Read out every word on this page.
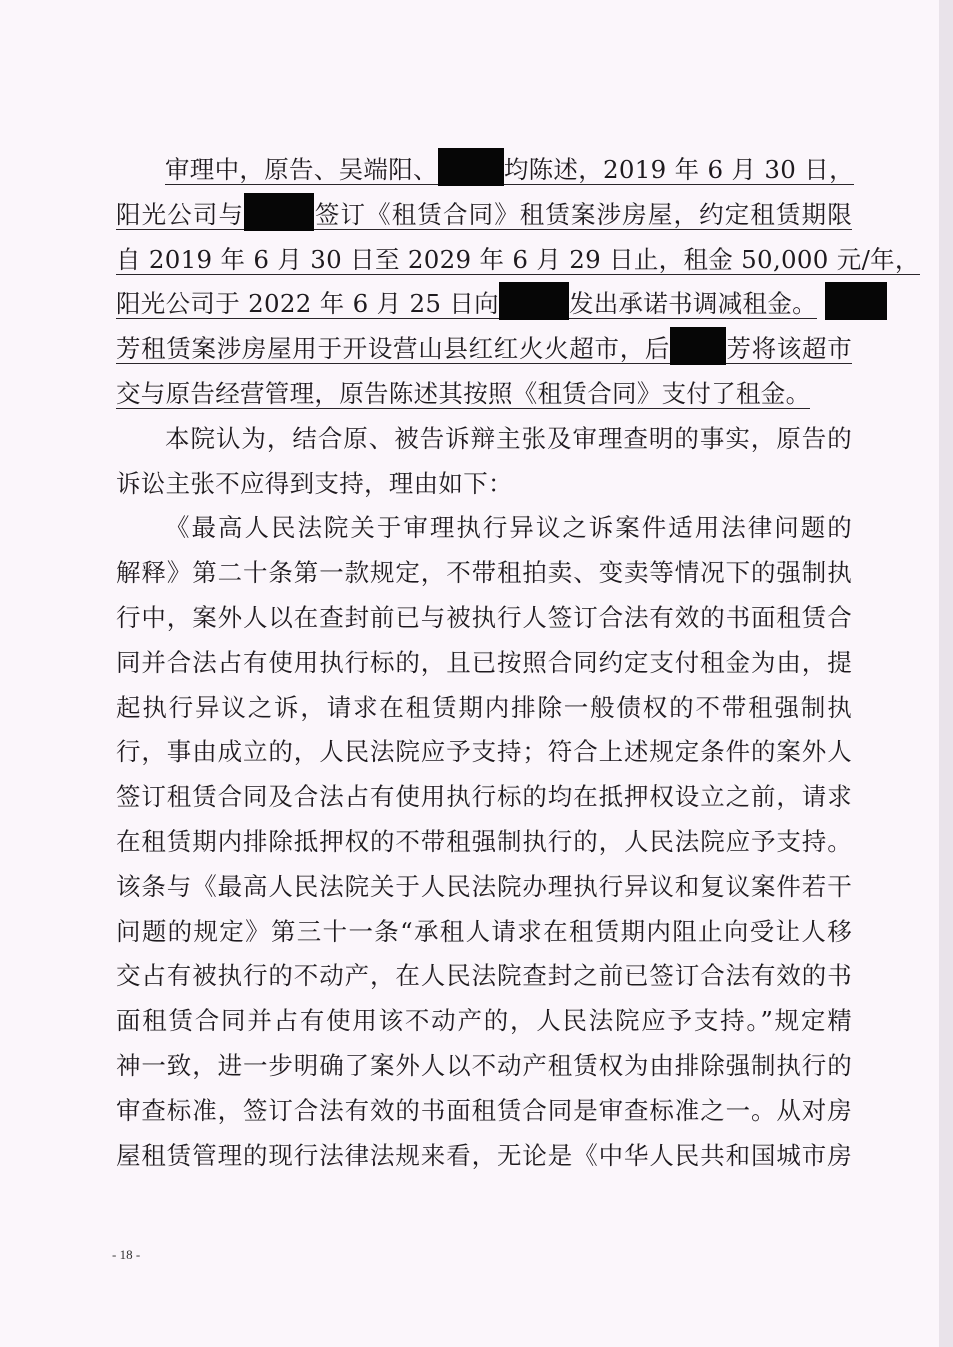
审理中，原告、吴端阳、	均陈述，2019 年 6 月 30 日，
阳光公司与	签订《租赁合同》租赁案涉房屋，约定租赁期限
自 2019 年 6 月 30 日至 2029 年 6 月 29 日止，租金 50,000 元/年，
阳光公司于 2022 年 6 月 25 日向	发出承诺书调减租金。
芳租赁案涉房屋用于开设营山县红红火火超市，后 芳将该超市
交与原告经营管理，原告陈述其按照《租赁合同》支付了租金。
本院认为，结合原、被告诉辩主张及审理查明的事实，原告的
诉讼主张不应得到支持，理由如下：
《最高人民法院关于审理执行异议之诉案件适用法律问题的
解释》第二十条第一款规定，不带租拍卖、变卖等情况下的强制执
行中，案外人以在查封前已与被执行人签订合法有效的书面租赁合
同并合法占有使用执行标的，且已按照合同约定支付租金为由，提
起执行异议之诉，请求在租赁期内排除一般债权的不带租强制执
行，事由成立的，人民法院应予支持；符合上述规定条件的案外人
签订租赁合同及合法占有使用执行标的均在抵押权设立之前，请求
在租赁期内排除抵押权的不带租强制执行的，人民法院应予支持。
该条与《最高人民法院关于人民法院办理执行异议和复议案件若干
问题的规定》第三十一条“承租人请求在租赁期内阻止向受让人移
交占有被执行的不动产，在人民法院查封之前已签订合法有效的书
面租赁合同并占有使用该不动产的，人民法院应予支持。”规定精
神一致，进一步明确了案外人以不动产租赁权为由排除强制执行的
审查标准，签订合法有效的书面租赁合同是审查标准之一。从对房
屋租赁管理的现行法律法规来看，无论是《中华人民共和国城市房
- 18 -
